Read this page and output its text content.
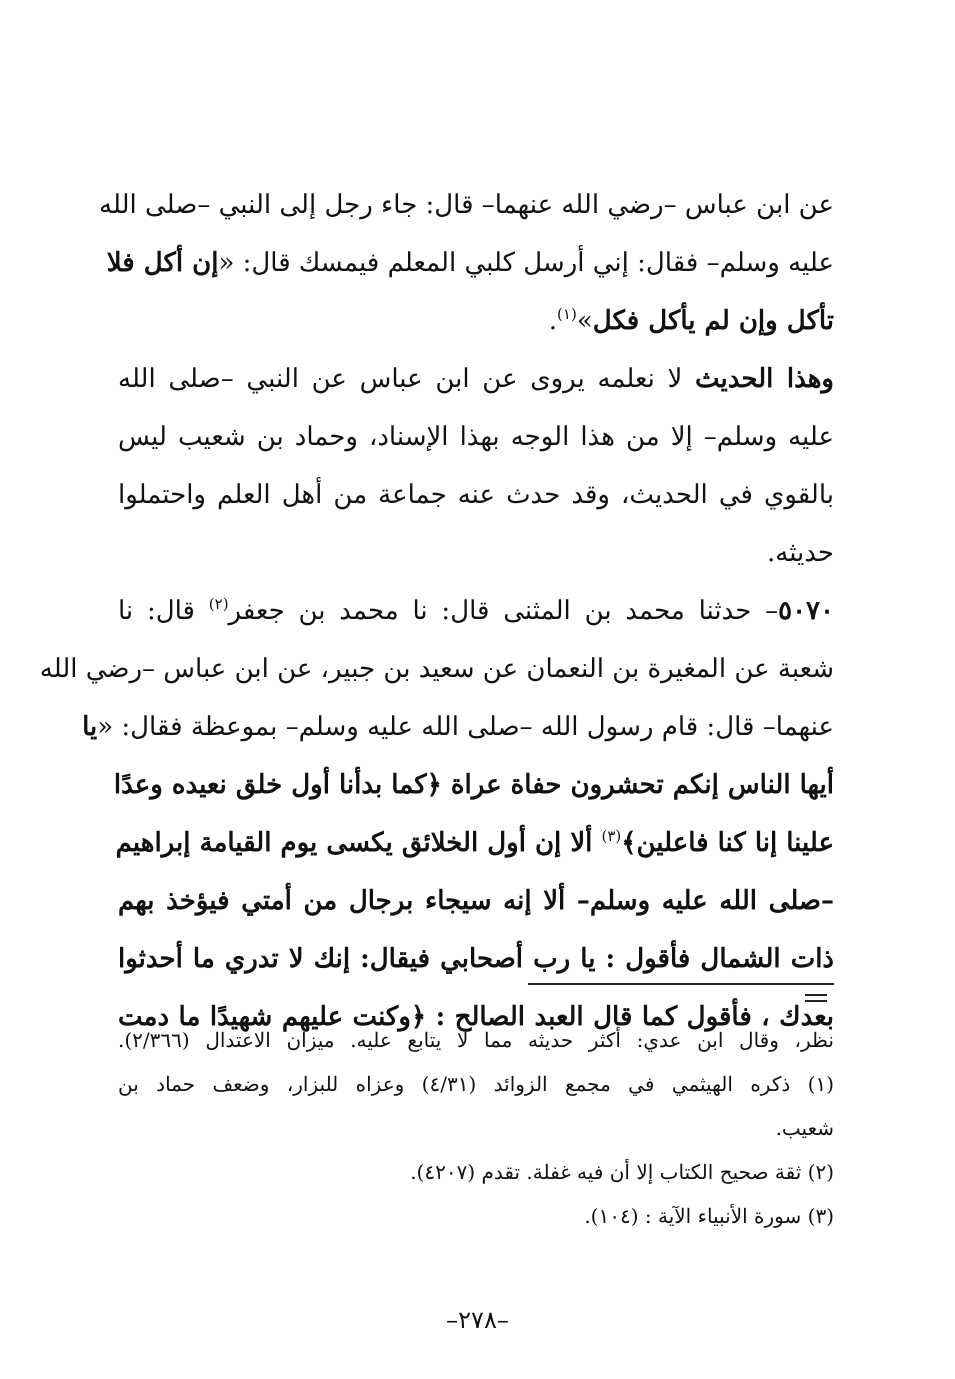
عن ابن عباس –رضي الله عنهما– قال: جاء رجل إلى النبي –صلى الله
عليه وسلم– فقال: إني أرسل كلبي المعلم فيمسك قال: «إن أكل فلا
تأكل وإن لم يأكل فكل»$^{(١)}$.
وهذا الحديث لا نعلمه يروى عن ابن عباس عن النبي –صلى الله
عليه وسلم– إلا من هذا الوجه بهذا الإسناد، وحماد بن شعيب ليس
بالقوي في الحديث، وقد حدث عنه جماعة من أهل العلم واحتملوا
حديثه.
٥٠٧٠– حدثنا محمد بن المثنى قال: نا محمد بن جعفر$^{(٢)}$ قال: نا
شعبة عن المغيرة بن النعمان عن سعيد بن جبير، عن ابن عباس –رضي الله
عنهما– قال: قام رسول الله –صلى الله عليه وسلم– بموعظة فقال: «يا
أيها الناس إنكم تحشرون حفاة عراة ﴿كما بدأنا أول خلق نعيده وعدًا
علينا إنا كنا فاعلين﴾$^{(٣)}$ ألا إن أول الخلائق يكسى يوم القيامة إبراهيم
–صلى الله عليه وسلم– ألا إنه سيجاء برجال من أمتي فيؤخذ بهم
ذات الشمال فأقول : يا رب أصحابي فيقال: إنك لا تدري ما أحدثوا
بعدك ، فأقول كما قال العبد الصالح : ﴿وكنت عليهم شهيدًا ما دمت
نظر، وقال ابن عدي: أكثر حديثه مما لا يتابع عليه. ميزان الاعتدال (٢/٣٦٦).
(١) ذكره الهيثمي في مجمع الزوائد (٤/٣١) وعزاه للبزار، وضعف حماد بن
شعيب.
(٢) ثقة صحيح الكتاب إلا أن فيه غفلة. تقدم (٤٢٠٧).
(٣) سورة الأنبياء الآية : (١٠٤).
–٢٧٨–
